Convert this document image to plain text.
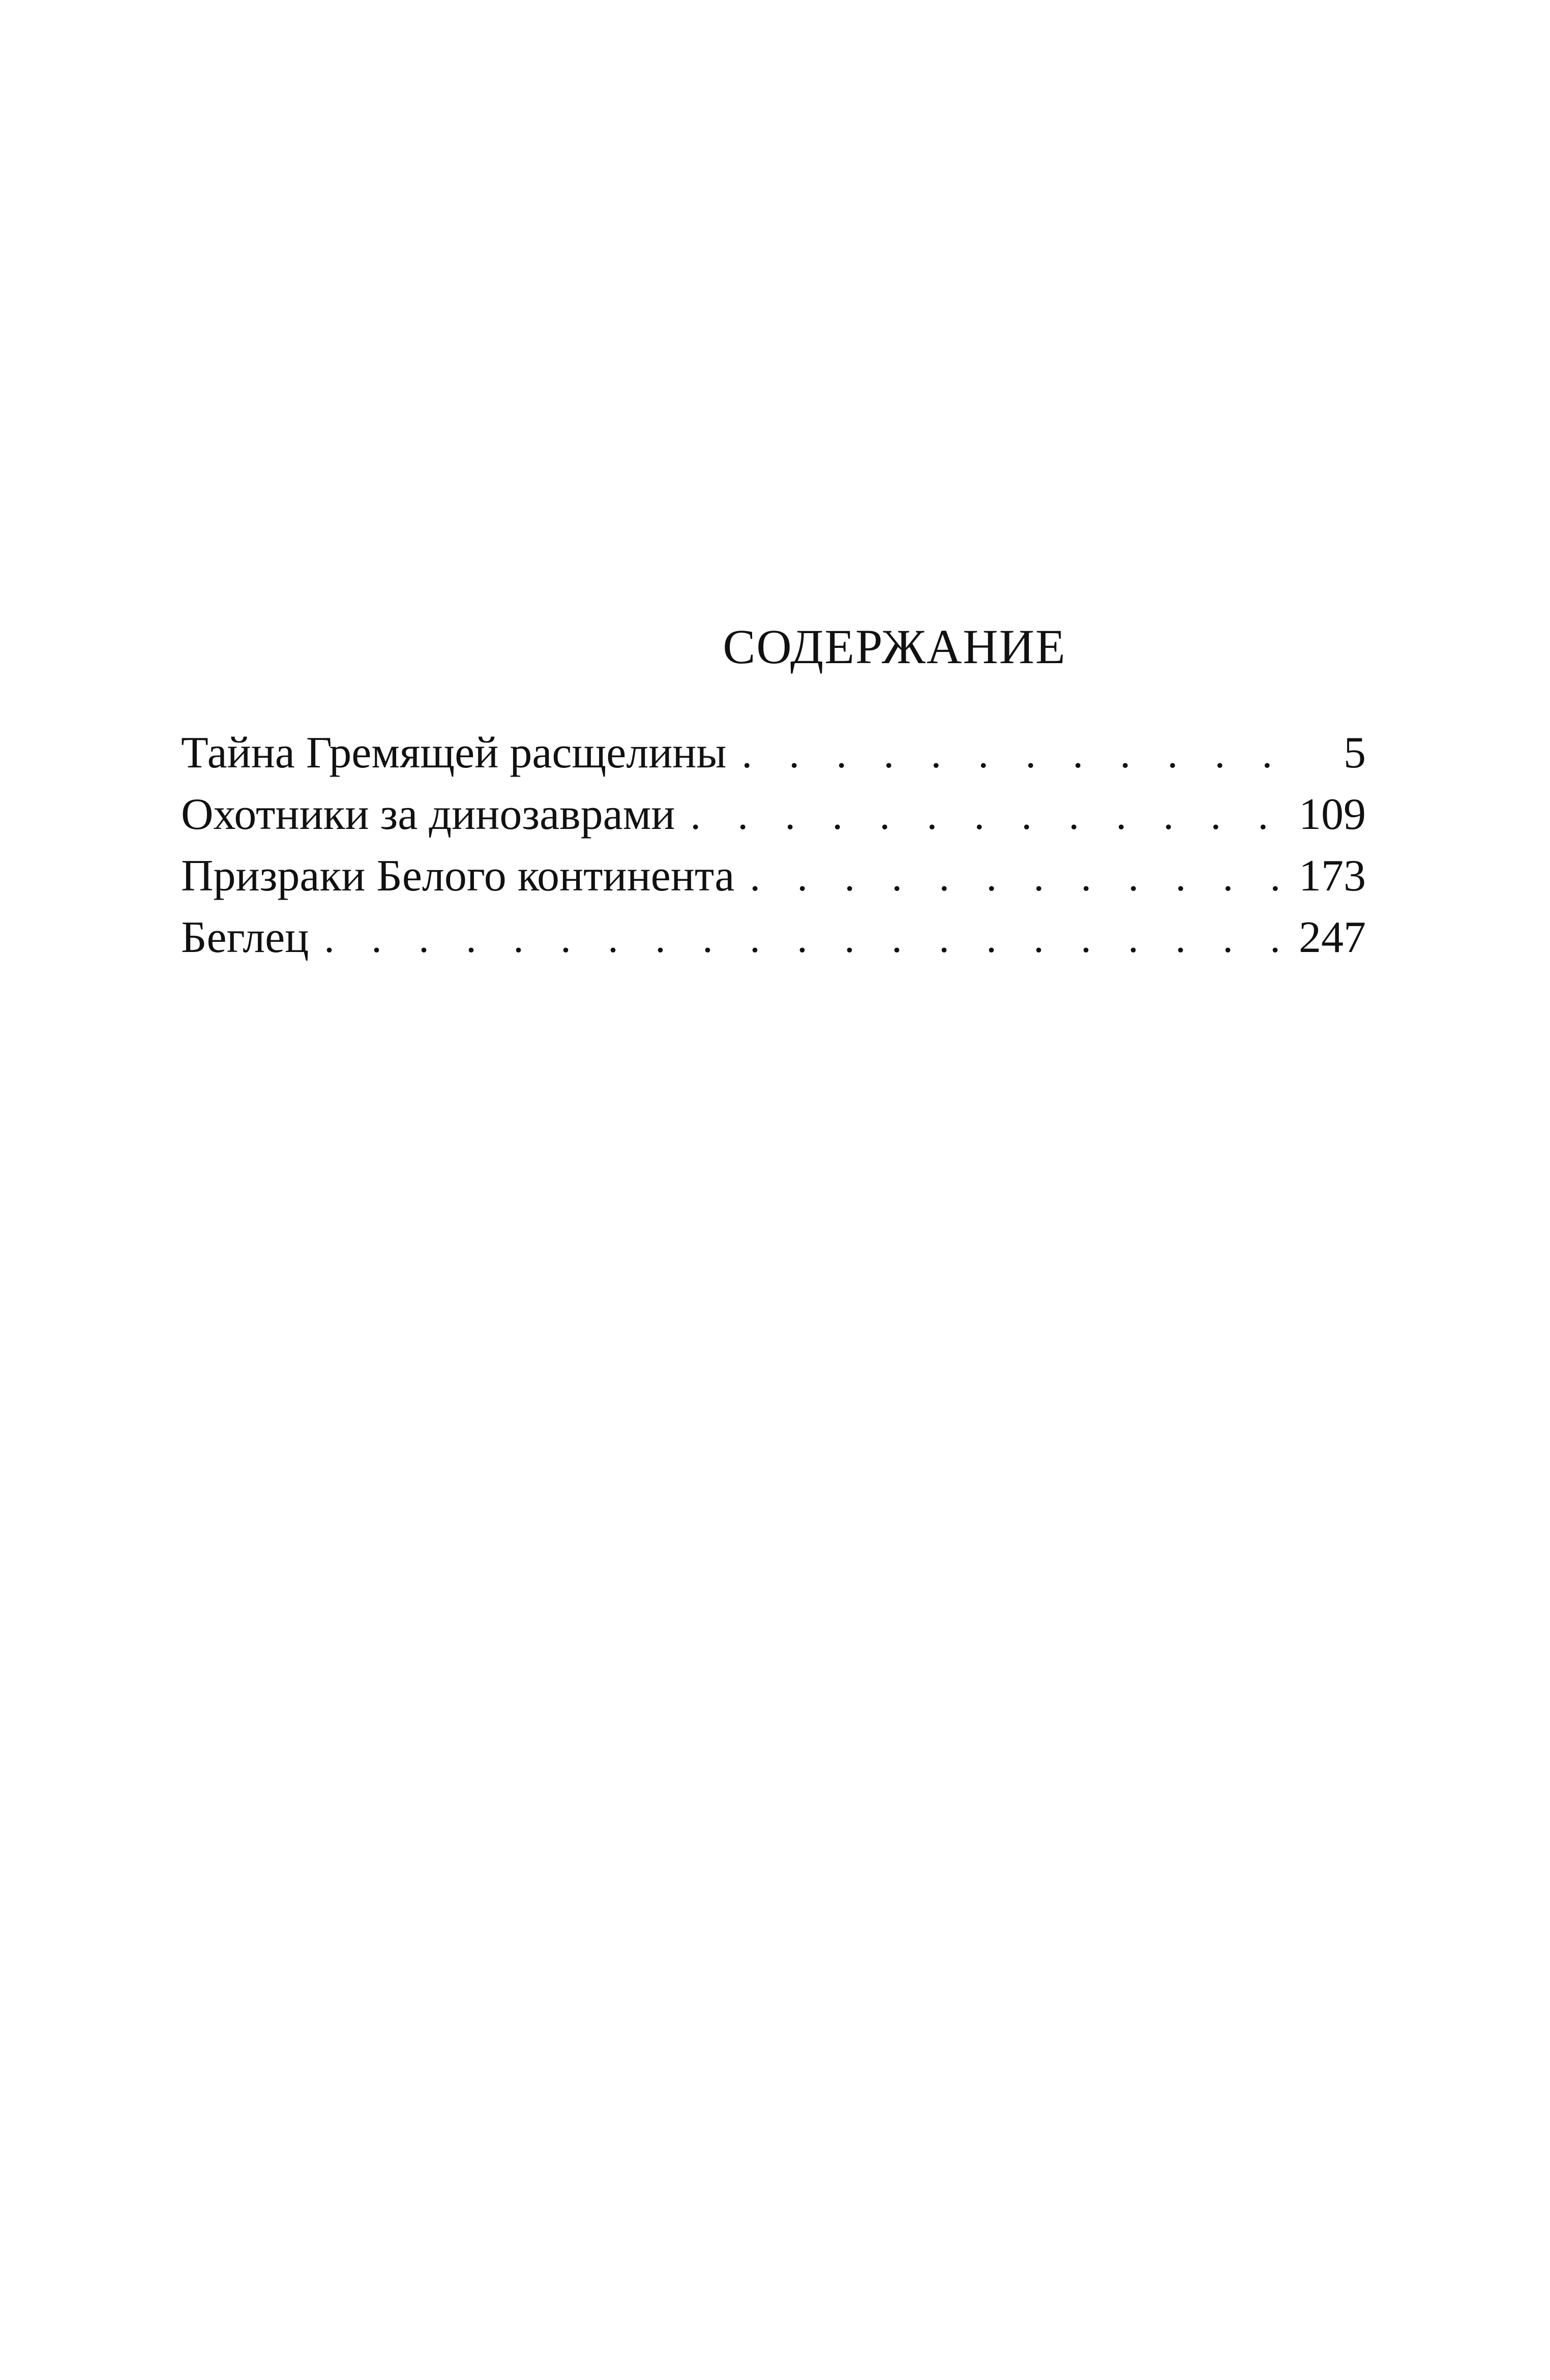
СОДЕРЖАНИЕ
Тайна Гремящей расщелины . . .	5
Охотники за динозаврами . . .	109
Призраки Белого континента . . .	173
Беглец . . .	247
